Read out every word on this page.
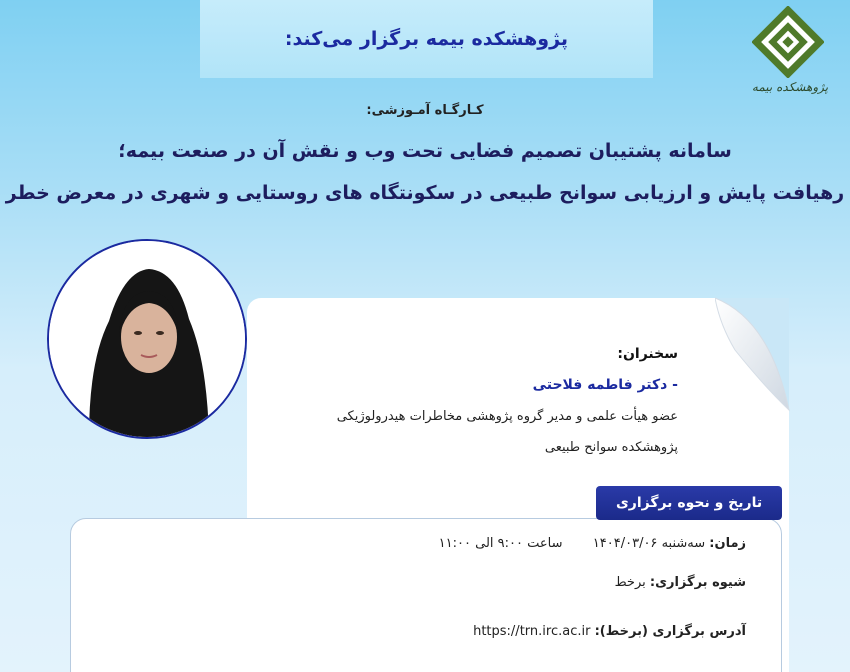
پژوهشکده بیمه برگزار می‌کند:
پژوهشکده بیمه
کـارگـاه آمـوزشی:
سامانه پشتیبان تصمیم فضایی تحت وب و نقش آن در صنعت بیمه؛
رهیافت پایش و ارزیابی سوانح طبیعی در سکونتگاه های روستایی و شهری در معرض خطر
سخنران:
- دکتر فاطمه فلاحتی
عضو هیأت علمی و مدیر گروه پژوهشی مخاطرات هیدرولوژیکی
پژوهشکده سوانح طبیعی
تاریخ و نحوه برگزاری
زمان: سه‌شنبه ۱۴۰۴/۰۳/۰۶  ساعت ۹:۰۰ الی ۱۱:۰۰
شیوه برگزاری: برخط
آدرس برگزاری (برخط): https://trn.irc.ac.ir
